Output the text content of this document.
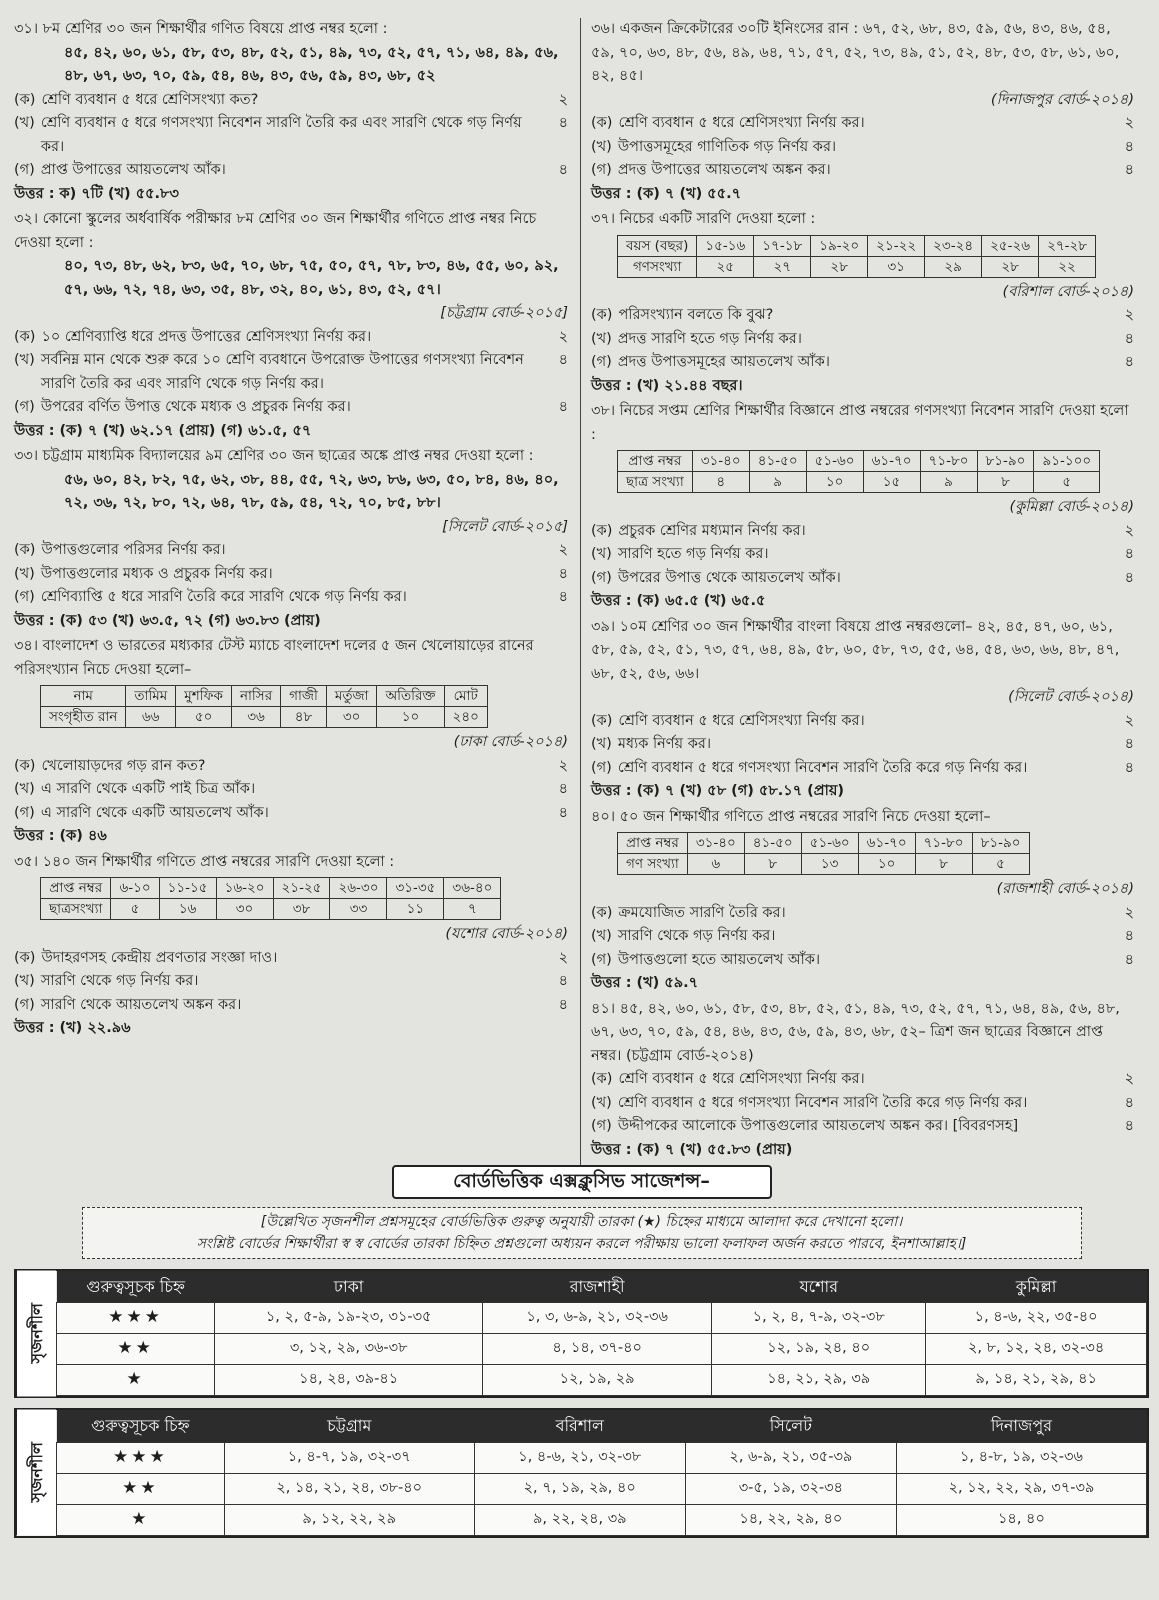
৩১। ৮ম শ্রেণির ৩০ জন শিক্ষার্থীর গণিত বিষয়ে প্রাপ্ত নম্বর হলো :
৪৫, ৪২, ৬০, ৬১, ৫৮, ৫৩, ৪৮, ৫২, ৫১, ৪৯, ৭৩, ৫২, ৫৭, ৭১, ৬৪, ৪৯, ৫৬, ৪৮, ৬৭, ৬৩, ৭০, ৫৯, ৫৪, ৪৬, ৪৩, ৫৬, ৫৯, ৪৩, ৬৮, ৫২
(ক) শ্রেণি ব্যবধান ৫ ধরে শ্রেণিসংখ্যা কত?	২
(খ) শ্রেণি ব্যবধান ৫ ধরে গণসংখ্যা নিবেশন সারণি তৈরি কর এবং সারণি থেকে গড় নির্ণয় কর।
৪
(গ) প্রাপ্ত উপাত্তের আয়তলেখ আঁক।	৪
উত্তর : ক) ৭টি (খ) ৫৫.৮৩
৩২। কোনো স্কুলের অর্ধবার্ষিক পরীক্ষার ৮ম শ্রেণির ৩০ জন শিক্ষার্থীর গণিতে প্রাপ্ত নম্বর নিচে দেওয়া হলো :
৪০, ৭৩, ৪৮, ৬২, ৮৩, ৬৫, ৭০, ৬৮, ৭৫, ৫০, ৫৭, ৭৮, ৮৩, ৪৬, ৫৫, ৬০, ৯২, ৫৭, ৬৬, ৭২, ৭৪, ৬৩, ৩৫, ৪৮, ৩২, ৪০, ৬১, ৪৩, ৫২, ৫৭।
[চট্টগ্রাম বোর্ড-২০১৫]
(ক) ১০ শ্রেণিব্যাপ্তি ধরে প্রদত্ত উপাত্তের শ্রেণিসংখ্যা নির্ণয় কর।	২
(খ) সর্বনিম্ন মান থেকে শুরু করে ১০ শ্রেণি ব্যবধানে উপরোক্ত উপাত্তের গণসংখ্যা নিবেশন সারণি তৈরি কর এবং সারণি থেকে গড় নির্ণয় কর।
৪
(গ) উপরের বর্ণিত উপাত্ত থেকে মধ্যক ও প্রচুরক নির্ণয় কর।	৪
উত্তর : (ক) ৭ (খ) ৬২.১৭ (প্রায়) (গ) ৬১.৫, ৫৭
৩৩। চট্টগ্রাম মাধ্যমিক বিদ্যালয়ের ৯ম শ্রেণির ৩০ জন ছাত্রের অঙ্কে প্রাপ্ত নম্বর দেওয়া হলো :
৫৬, ৬০, ৪২, ৮২, ৭৫, ৬২, ৩৮, ৪৪, ৫৫, ৭২, ৬৩, ৮৬, ৬৩, ৫০, ৮৪, ৪৬, ৪০, ৭২, ৩৬, ৭২, ৮০, ৭২, ৬৪, ৭৮, ৫৯, ৫৪, ৭২, ৭০, ৮৫, ৮৮।
[সিলেট বোর্ড-২০১৫]
(ক) উপাত্তগুলোর পরিসর নির্ণয় কর।	২
(খ) উপাত্তগুলোর মধ্যক ও প্রচুরক নির্ণয় কর।	৪
(গ) শ্রেণিব্যাপ্তি ৫ ধরে সারণি তৈরি করে সারণি থেকে গড় নির্ণয় কর।	৪
উত্তর : (ক) ৫৩ (খ) ৬৩.৫, ৭২ (গ) ৬৩.৮৩ (প্রায়)
৩৪। বাংলাদেশ ও ভারতের মধ্যকার টেস্ট ম্যাচে বাংলাদেশ দলের ৫ জন খেলোয়াড়ের রানের পরিসংখ্যান নিচে দেওয়া হলো–
নাম	তামিম	মুশফিক	নাসির	গাজী	মর্তুজা	অতিরিক্ত	মোট
সংগৃহীত রান	৬৬	৫০	৩৬	৪৮	৩০	১০	২৪০
(ঢাকা বোর্ড-২০১৪)
(ক) খেলোয়াড়দের গড় রান কত?	২
(খ) এ সারণি থেকে একটি পাই চিত্র আঁক।	৪
(গ) এ সারণি থেকে একটি আয়তলেখ আঁক।	৪
উত্তর : (ক) ৪৬
৩৫। ১৪০ জন শিক্ষার্থীর গণিতে প্রাপ্ত নম্বরের সারণি দেওয়া হলো :
প্রাপ্ত নম্বর	৬-১০	১১-১৫	১৬-২০	২১-২৫	২৬-৩০	৩১-৩৫	৩৬-৪০
ছাত্রসংখ্যা	৫	১৬	৩০	৩৮	৩৩	১১	৭
(যশোর বোর্ড-২০১৪)
(ক) উদাহরণসহ কেন্দ্রীয় প্রবণতার সংজ্ঞা দাও।	২
(খ) সারণি থেকে গড় নির্ণয় কর।	৪
(গ) সারণি থেকে আয়তলেখ অঙ্কন কর।	৪
উত্তর : (খ) ২২.৯৬
৩৬। একজন ক্রিকেটারের ৩০টি ইনিংসের রান : ৬৭, ৫২, ৬৮, ৪৩, ৫৯, ৫৬, ৪৩, ৪৬, ৫৪, ৫৯, ৭০, ৬৩, ৪৮, ৫৬, ৪৯, ৬৪, ৭১, ৫৭, ৫২, ৭৩, ৪৯, ৫১, ৫২, ৪৮, ৫৩, ৫৮, ৬১, ৬০, ৪২, ৪৫।
(দিনাজপুর বোর্ড-২০১৪)
(ক) শ্রেণি ব্যবধান ৫ ধরে শ্রেণিসংখ্যা নির্ণয় কর।	২
(খ) উপাত্তসমূহের গাণিতিক গড় নির্ণয় কর।	৪
(গ) প্রদত্ত উপাত্তের আয়তলেখ অঙ্কন কর।	৪
উত্তর : (ক) ৭ (খ) ৫৫.৭
৩৭। নিচের একটি সারণি দেওয়া হলো :
বয়স (বছর)	১৫-১৬	১৭-১৮	১৯-২০	২১-২২	২৩-২৪	২৫-২৬	২৭-২৮
গণসংখ্যা	২৫	২৭	২৮	৩১	২৯	২৮	২২
(বরিশাল বোর্ড-২০১৪)
(ক) পরিসংখ্যান বলতে কি বুঝ?	২
(খ) প্রদত্ত সারণি হতে গড় নির্ণয় কর।	৪
(গ) প্রদত্ত উপাত্তসমূহের আয়তলেখ আঁক।	৪
উত্তর : (খ) ২১.৪৪ বছর।
৩৮। নিচের সপ্তম শ্রেণির শিক্ষার্থীর বিজ্ঞানে প্রাপ্ত নম্বরের গণসংখ্যা নিবেশন সারণি দেওয়া হলো :
প্রাপ্ত নম্বর	৩১-৪০	৪১-৫০	৫১-৬০	৬১-৭০	৭১-৮০	৮১-৯০	৯১-১০০
ছাত্র সংখ্যা	৪	৯	১০	১৫	৯	৮	৫
(কুমিল্লা বোর্ড-২০১৪)
(ক) প্রচুরক শ্রেণির মধ্যমান নির্ণয় কর।	২
(খ) সারণি হতে গড় নির্ণয় কর।	৪
(গ) উপরের উপাত্ত থেকে আয়তলেখ আঁক।	৪
উত্তর : (ক) ৬৫.৫ (খ) ৬৫.৫
৩৯। ১০ম শ্রেণির ৩০ জন শিক্ষার্থীর বাংলা বিষয়ে প্রাপ্ত নম্বরগুলো– ৪২, ৪৫, ৪৭, ৬০, ৬১, ৫৮, ৫৯, ৫২, ৫১, ৭৩, ৫৭, ৬৪, ৪৯, ৫৮, ৬০, ৫৮, ৭৩, ৫৫, ৬৪, ৫৪, ৬৩, ৬৬, ৪৮, ৪৭, ৬৮, ৫২, ৫৬, ৬৬।
(সিলেট বোর্ড-২০১৪)
(ক) শ্রেণি ব্যবধান ৫ ধরে শ্রেণিসংখ্যা নির্ণয় কর।	২
(খ) মধ্যক নির্ণয় কর।	৪
(গ) শ্রেণি ব্যবধান ৫ ধরে গণসংখ্যা নিবেশন সারণি তৈরি করে গড় নির্ণয় কর।	৪
উত্তর : (ক) ৭ (খ) ৫৮ (গ) ৫৮.১৭ (প্রায়)
৪০। ৫০ জন শিক্ষার্থীর গণিতে প্রাপ্ত নম্বরের সারণি নিচে দেওয়া হলো–
প্রাপ্ত নম্বর	৩১-৪০	৪১-৫০	৫১-৬০	৬১-৭০	৭১-৮০	৮১-৯০
গণ সংখ্যা	৬	৮	১৩	১০	৮	৫
(রাজশাহী বোর্ড-২০১৪)
(ক) ক্রমযোজিত সারণি তৈরি কর।	২
(খ) সারণি থেকে গড় নির্ণয় কর।	৪
(গ) উপাত্তগুলো হতে আয়তলেখ আঁক।	৪
উত্তর : (খ) ৫৯.৭
৪১। ৪৫, ৪২, ৬০, ৬১, ৫৮, ৫৩, ৪৮, ৫২, ৫১, ৪৯, ৭৩, ৫২, ৫৭, ৭১, ৬৪, ৪৯, ৫৬, ৪৮, ৬৭, ৬৩, ৭০, ৫৯, ৫৪, ৪৬, ৪৩, ৫৬, ৫৯, ৪৩, ৬৮, ৫২– ত্রিশ জন ছাত্রের বিজ্ঞানে প্রাপ্ত নম্বর। (চট্টগ্রাম বোর্ড-২০১৪)
(ক) শ্রেণি ব্যবধান ৫ ধরে শ্রেণিসংখ্যা নির্ণয় কর।	২
(খ) শ্রেণি ব্যবধান ৫ ধরে গণসংখ্যা নিবেশন সারণি তৈরি করে গড় নির্ণয় কর।	৪
(গ) উদ্দীপকের আলোকে উপাত্তগুলোর আয়তলেখ অঙ্কন কর। [বিবরণসহ]	৪
উত্তর : (ক) ৭ (খ) ৫৫.৮৩ (প্রায়)
বোর্ডভিত্তিক এক্সক্লুসিভ সাজেশন্স–
[উল্লেখিত সৃজনশীল প্রশ্নসমূহের বোর্ডভিত্তিক গুরুত্ব অনুযায়ী তারকা (★) চিহ্নের মাধ্যমে আলাদা করে দেখানো হলো।
সংশ্লিষ্ট বোর্ডের শিক্ষার্থীরা স্ব স্ব বোর্ডের তারকা চিহ্নিত প্রশ্নগুলো অধ্যয়ন করলে পরীক্ষায় ভালো ফলাফল অর্জন করতে পারবে, ইনশাআল্লাহ।]
সৃজনশীল
গুরুত্বসূচক চিহ্ন	ঢাকা	রাজশাহী	যশোর	কুমিল্লা
★★★	১, ২, ৫-৯, ১৯-২৩, ৩১-৩৫	১, ৩, ৬-৯, ২১, ৩২-৩৬	১, ২, ৪, ৭-৯, ৩২-৩৮	১, ৪-৬, ২২, ৩৫-৪০
★★	৩, ১২, ২৯, ৩৬-৩৮	৪, ১৪, ৩৭-৪০	১২, ১৯, ২৪, ৪০	২, ৮, ১২, ২৪, ৩২-৩৪
★	১৪, ২৪, ৩৯-৪১	১২, ১৯, ২৯	১৪, ২১, ২৯, ৩৯	৯, ১৪, ২১, ২৯, ৪১
সৃজনশীল
গুরুত্বসূচক চিহ্ন	চট্টগ্রাম	বরিশাল	সিলেট	দিনাজপুর
★★★	১, ৪-৭, ১৯, ৩২-৩৭	১, ৪-৬, ২১, ৩২-৩৮	২, ৬-৯, ২১, ৩৫-৩৯	১, ৪-৮, ১৯, ৩২-৩৬
★★	২, ১৪, ২১, ২৪, ৩৮-৪০	২, ৭, ১৯, ২৯, ৪০	৩-৫, ১৯, ৩২-৩৪	২, ১২, ২২, ২৯, ৩৭-৩৯
★	৯, ১২, ২২, ২৯	৯, ২২, ২৪, ৩৯	১৪, ২২, ২৯, ৪০	১৪, ৪০
